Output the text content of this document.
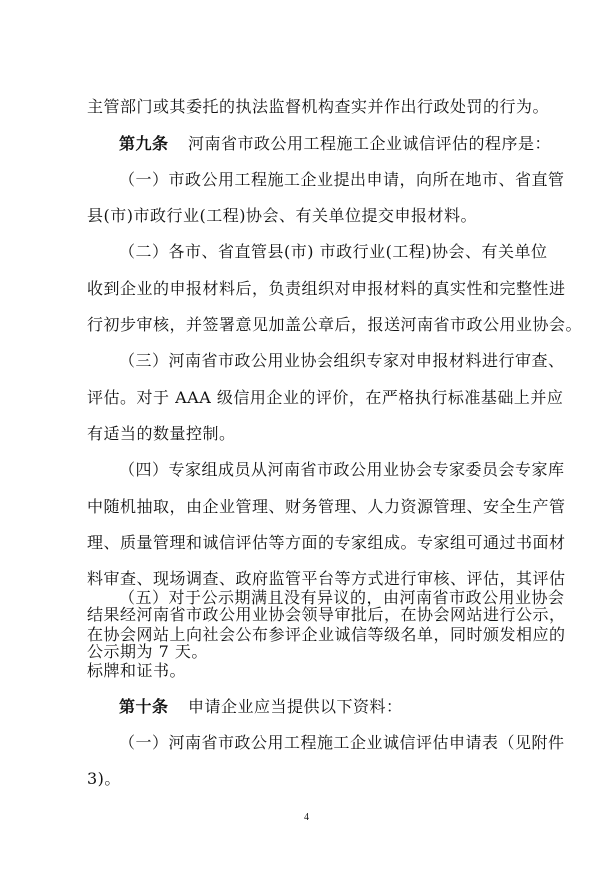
主管部门或其委托的执法监督机构查实并作出行政处罚的行为。
第九条 河南省市政公用工程施工企业诚信评估的程序是：
（一）市政公用工程施工企业提出申请，向所在地市、省直管
县(市)市政行业(工程)协会、有关单位提交申报材料。
（二）各市、省直管县(市) 市政行业(工程)协会、有关单位
收到企业的申报材料后，负责组织对申报材料的真实性和完整性进
行初步审核，并签署意见加盖公章后，报送河南省市政公用业协会。
（三）河南省市政公用业协会组织专家对申报材料进行审查、
评估。对于 AAA 级信用企业的评价，在严格执行标准基础上并应
有适当的数量控制。
（四）专家组成员从河南省市政公用业协会专家委员会专家库
中随机抽取，由企业管理、财务管理、人力资源管理、安全生产管
理、质量管理和诚信评估等方面的专家组成。专家组可通过书面材
料审查、现场调查、政府监管平台等方式进行审核、评估，其评估
结果经河南省市政公用业协会领导审批后，在协会网站进行公示，
公示期为 7 天。
（五）对于公示期满且没有异议的，由河南省市政公用业协会
在协会网站上向社会公布参评企业诚信等级名单，同时颁发相应的
标牌和证书。
第十条 申请企业应当提供以下资料：
（一）河南省市政公用工程施工企业诚信评估申请表（见附件
3)。
4
